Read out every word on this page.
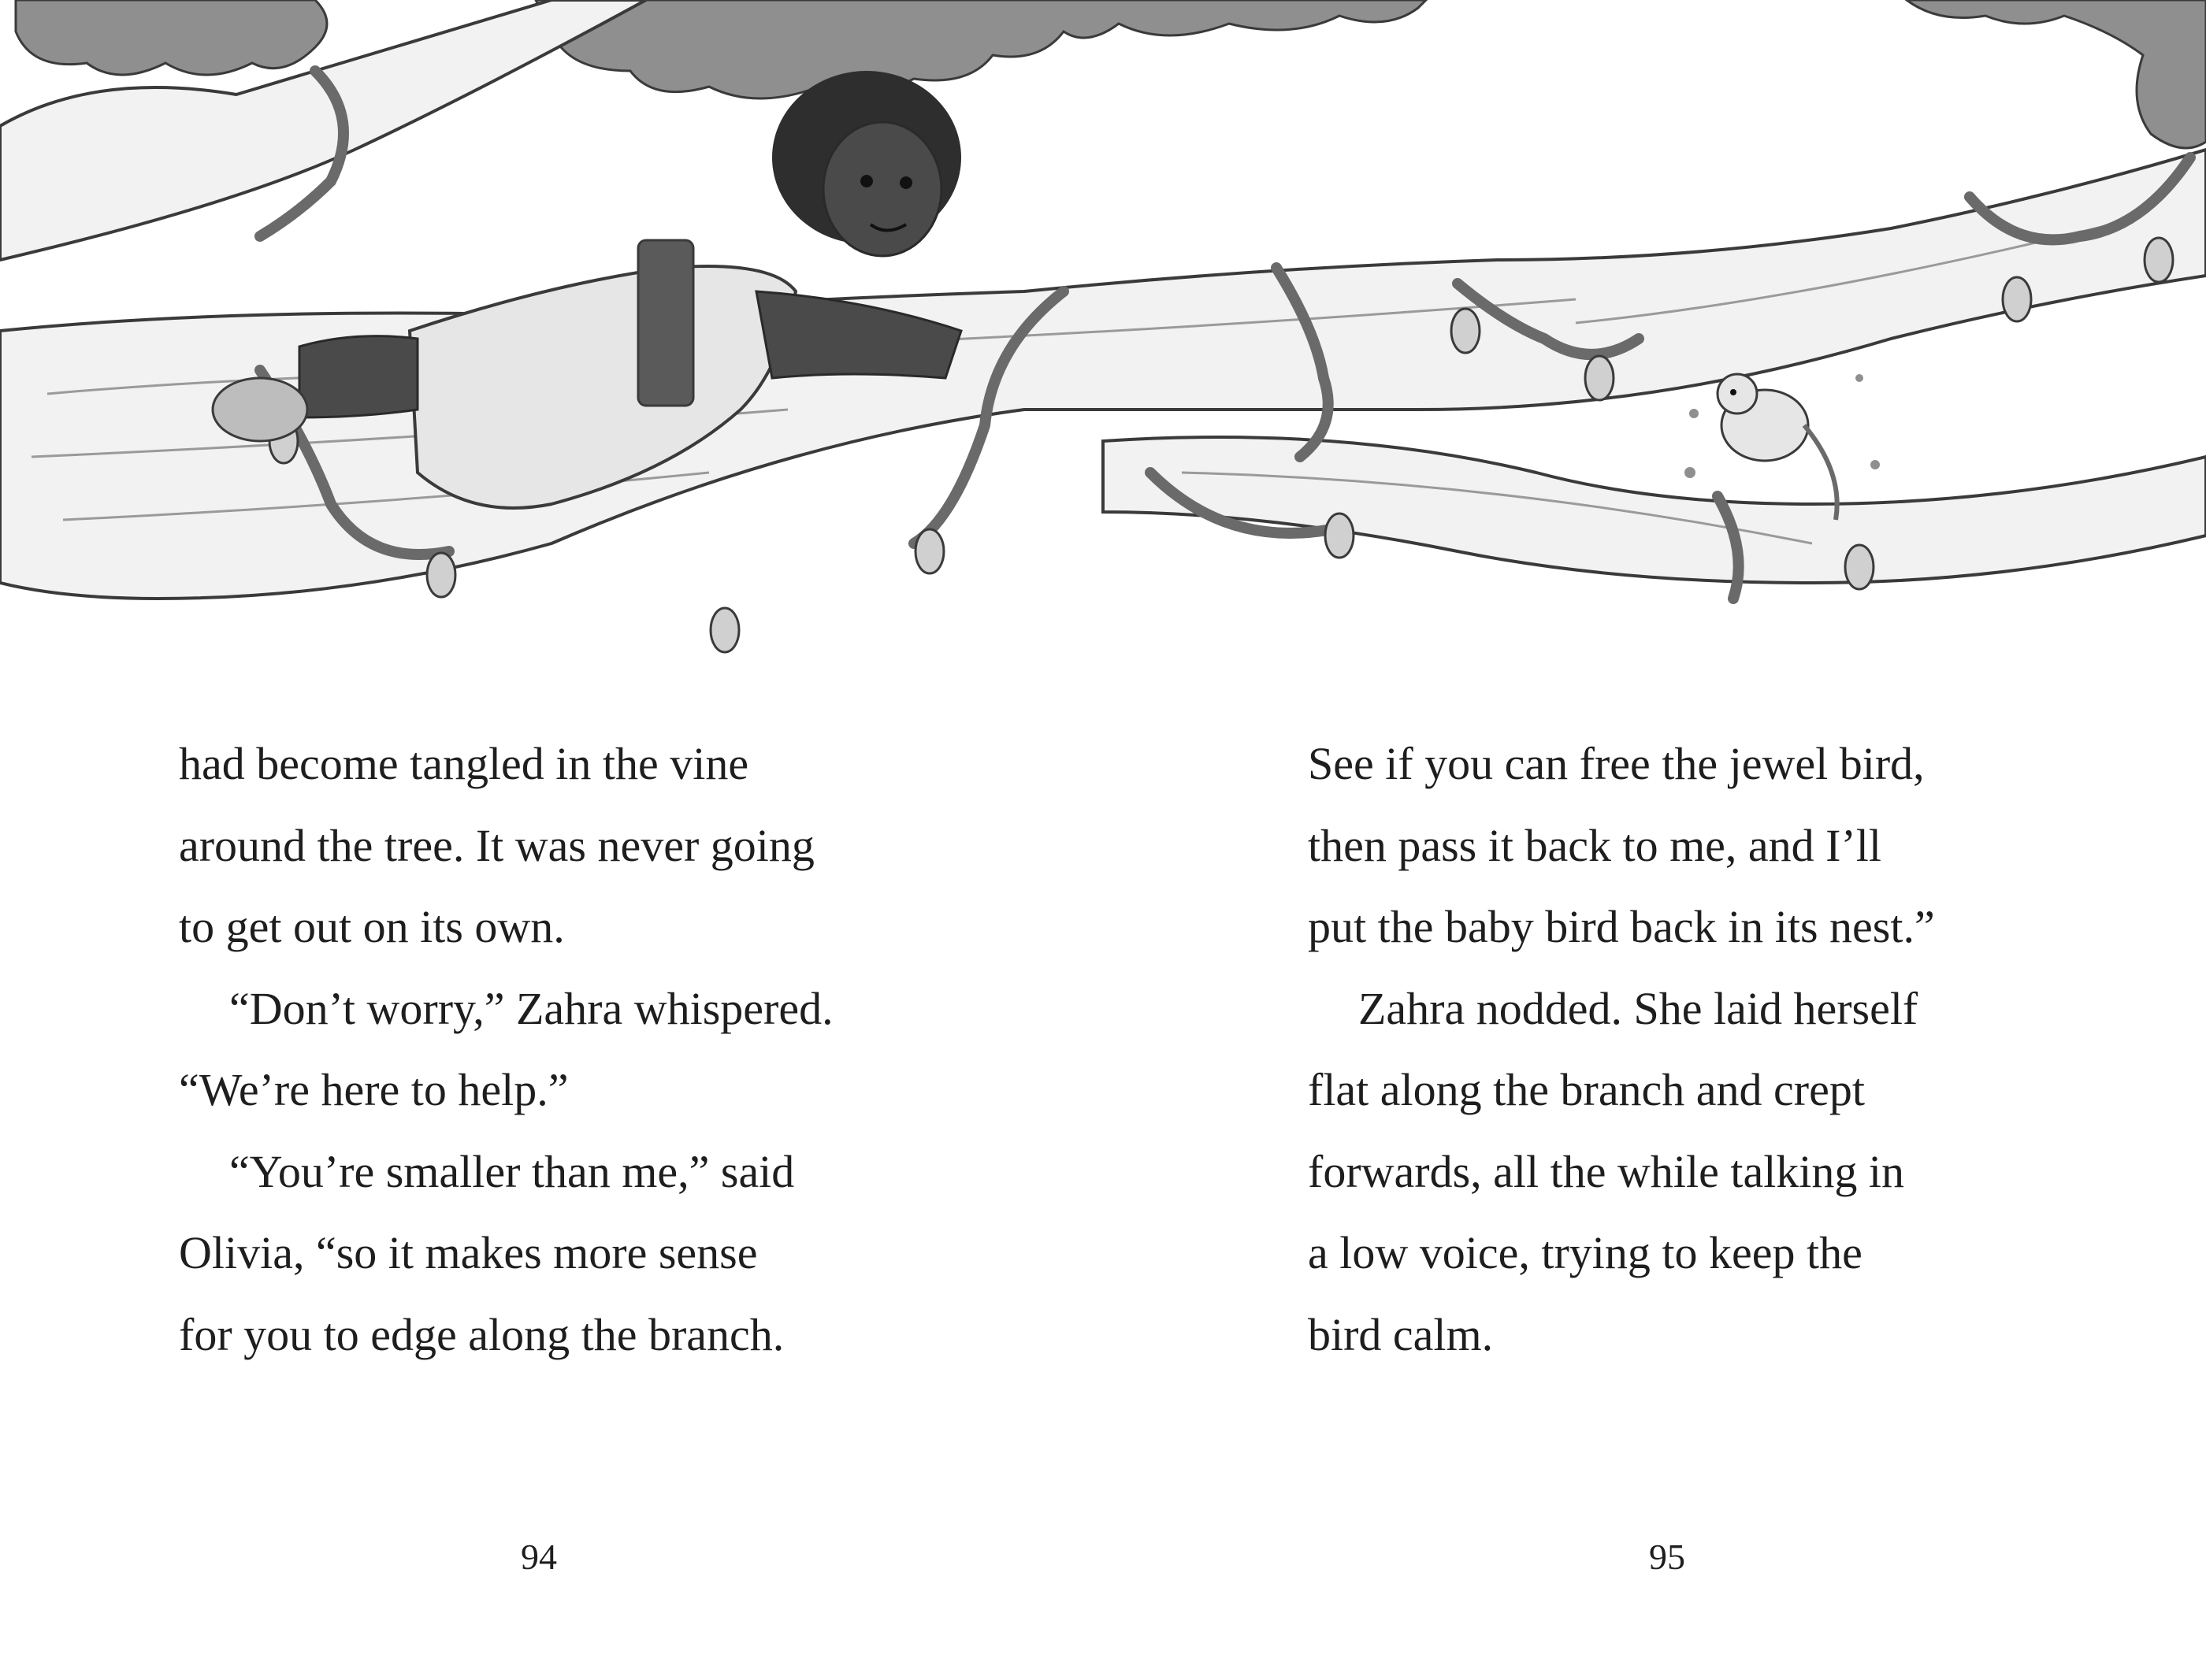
had become tangled in the vine
around the tree. It was never going
to get out on its own.
“Don’t worry,” Zahra whispered.
“We’re here to help.”
“You’re smaller than me,” said
Olivia, “so it makes more sense
for you to edge along the branch.
See if you can free the jewel bird,
then pass it back to me, and I’ll
put the baby bird back in its nest.”
Zahra nodded. She laid herself
flat along the branch and crept
forwards, all the while talking in
a low voice, trying to keep the
bird calm.
94	95
